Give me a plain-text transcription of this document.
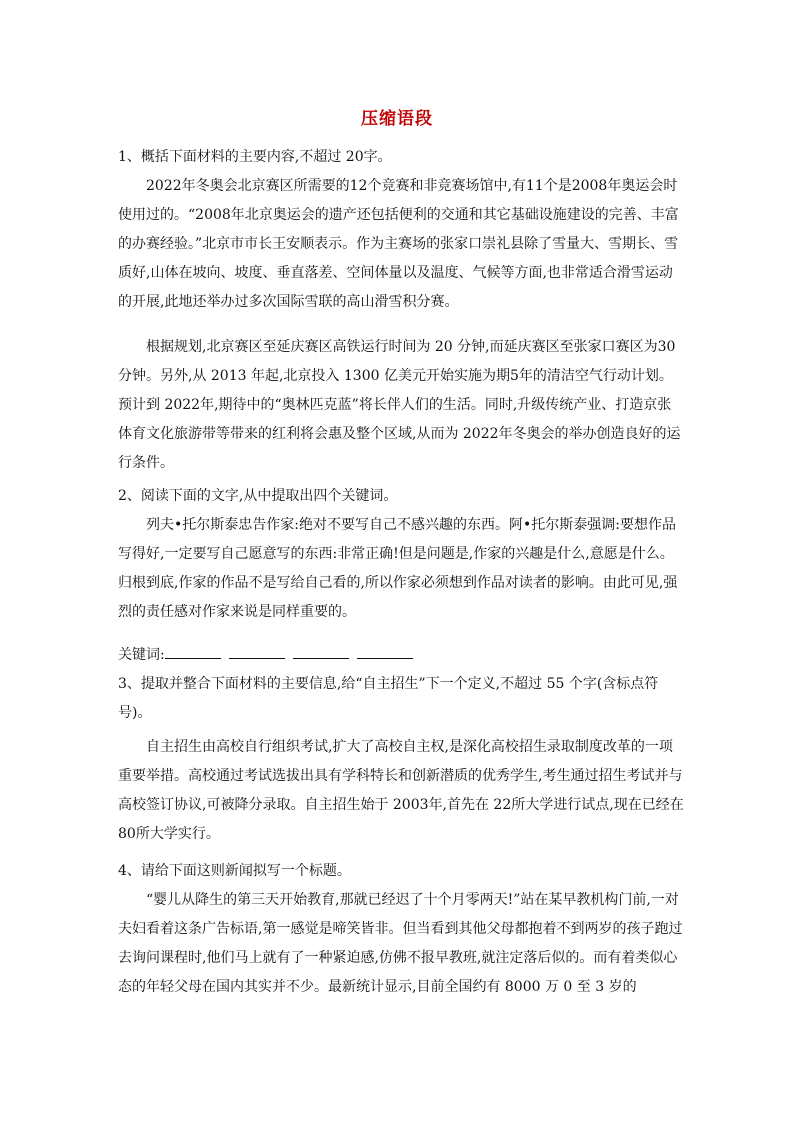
压缩语段
1、概括下面材料的主要内容,不超过 20字。
2022年冬奥会北京赛区所需要的12个竞赛和非竞赛场馆中,有11个是2008年奥运会时使用过的。“2008年北京奥运会的遗产还包括便利的交通和其它基础设施建设的完善、丰富的办赛经验。”北京市市长王安顺表示。作为主赛场的张家口崇礼县除了雪量大、雪期长、雪质好,山体在坡向、坡度、垂直落差、空间体量以及温度、气候等方面,也非常适合滑雪运动的开展,此地还举办过多次国际雪联的高山滑雪积分赛。
根据规划,北京赛区至延庆赛区高铁运行时间为 20 分钟,而延庆赛区至张家口赛区为30 分钟。另外,从 2013 年起,北京投入 1300 亿美元开始实施为期5年的清洁空气行动计划。预计到 2022年,期待中的“奥林匹克蓝”将长伴人们的生活。同时,升级传统产业、打造京张体育文化旅游带等带来的红利将会惠及整个区域,从而为 2022年冬奥会的举办创造良好的运行条件。
2、阅读下面的文字,从中提取出四个关键词。
列夫•托尔斯泰忠告作家:绝对不要写自己不感兴趣的东西。阿•托尔斯泰强调:要想作品写得好,一定要写自己愿意写的东西:非常正确!但是问题是,作家的兴趣是什么,意愿是什么。归根到底,作家的作品不是写给自己看的,所以作家必须想到作品对读者的影响。由此可见,强烈的责任感对作家来说是同样重要的。
关键词:
3、提取并整合下面材料的主要信息,给“自主招生”下一个定义,不超过 55 个字(含标点符号)。
自主招生由高校自行组织考试,扩大了高校自主权,是深化高校招生录取制度改革的一项重要举措。高校通过考试选拔出具有学科特长和创新潜质的优秀学生,考生通过招生考试并与高校签订协议,可被降分录取。自主招生始于 2003年,首先在 22所大学进行试点,现在已经在 80所大学实行。
4、请给下面这则新闻拟写一个标题。
“婴儿从降生的第三天开始教育,那就已经迟了十个月零两天!”站在某早教机构门前,一对夫妇看着这条广告标语,第一感觉是啼笑皆非。但当看到其他父母都抱着不到两岁的孩子跑过去询问课程时,他们马上就有了一种紧迫感,仿佛不报早教班,就注定落后似的。而有着类似心态的年轻父母在国内其实并不少。最新统计显示,目前全国约有 8000 万 0 至 3 岁的
